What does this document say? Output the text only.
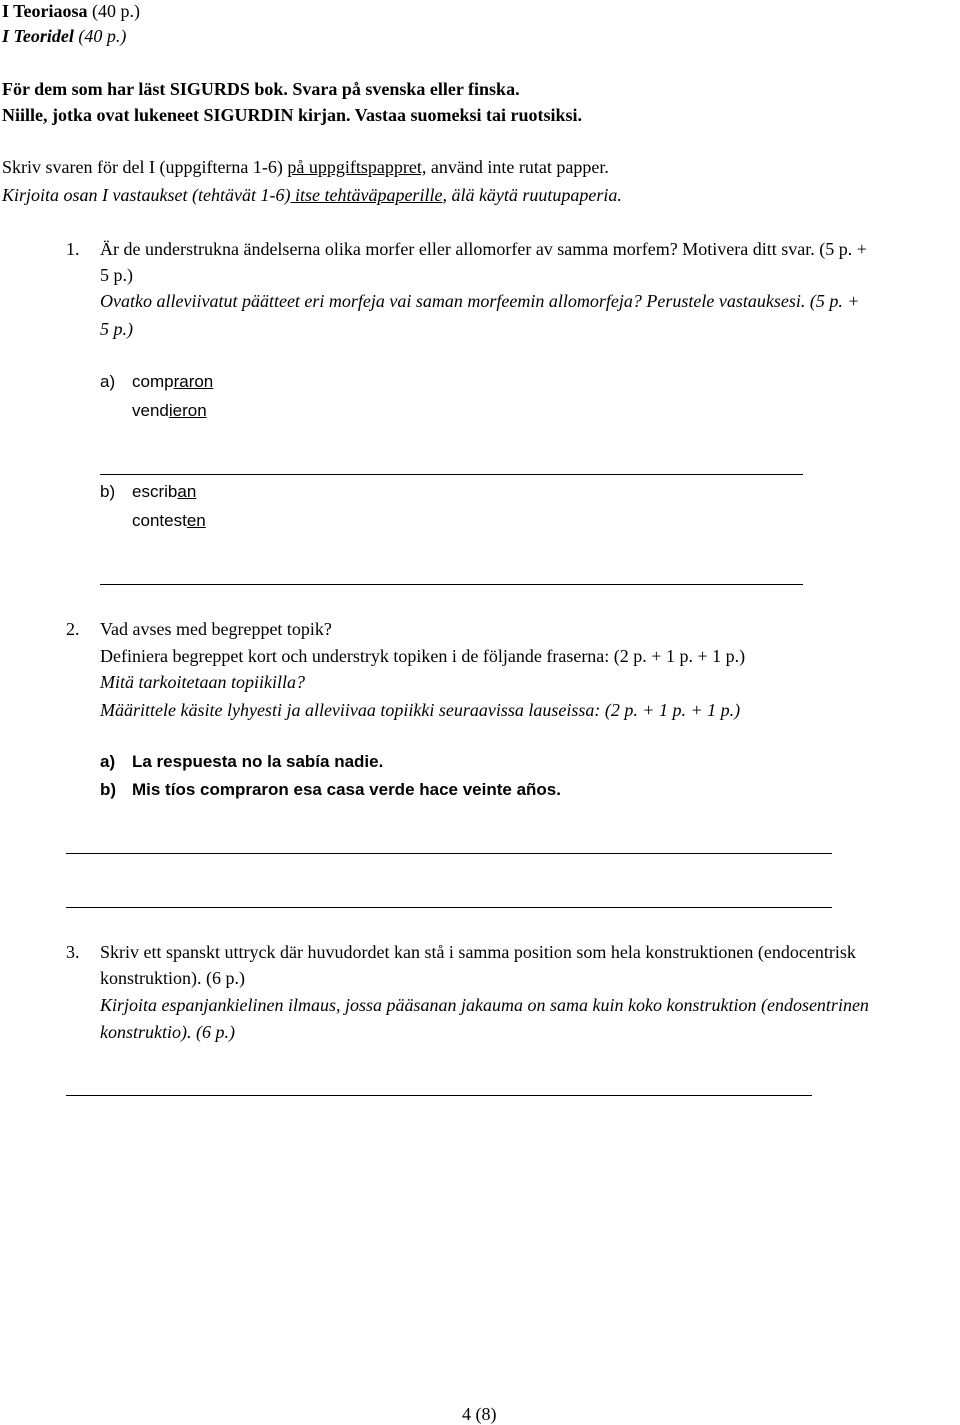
I Teoriaosa (40 p.)
I Teoridel (40 p.)
För dem som har läst SIGURDS bok. Svara på svenska eller finska.
Niille, jotka ovat lukeneet SIGURDIN kirjan. Vastaa suomeksi tai ruotsiksi.
Skriv svaren för del I (uppgifterna 1-6) på uppgiftspappret, använd inte rutat papper.
Kirjoita osan I vastaukset (tehtävät 1-6) itse tehtäväpaperille, älä käytä ruutupaperia.
1. Är de understrukna ändelserna olika morfer eller allomorfer av samma morfem? Motivera ditt svar. (5 p. +
5 p.)
Ovatko alleviivatut päätteet eri morfeja vai saman morfeemin allomorfeja? Perustele vastauksesi. (5 p. +
5 p.)
a) compraron
vendieron
b) escriban
contesten
2. Vad avses med begreppet topik?
Definiera begreppet kort och understryk topiken i de följande fraserna: (2 p. + 1 p. + 1 p.)
Mitä tarkoitetaan topiikilla?
Määrittele käsite lyhyesti ja alleviivaa topiikki seuraavissa lauseissa: (2 p. + 1 p. + 1 p.)
a) La respuesta no la sabía nadie.
b) Mis tíos compraron esa casa verde hace veinte años.
3. Skriv ett spanskt uttryck där huvudordet kan stå i samma position som hela konstruktionen (endocentrisk
konstruktion). (6 p.)
Kirjoita espanjankielinen ilmaus, jossa pääsanan jakauma on sama kuin koko konstruktion (endosentrinen
konstruktio). (6 p.)
4 (8)
